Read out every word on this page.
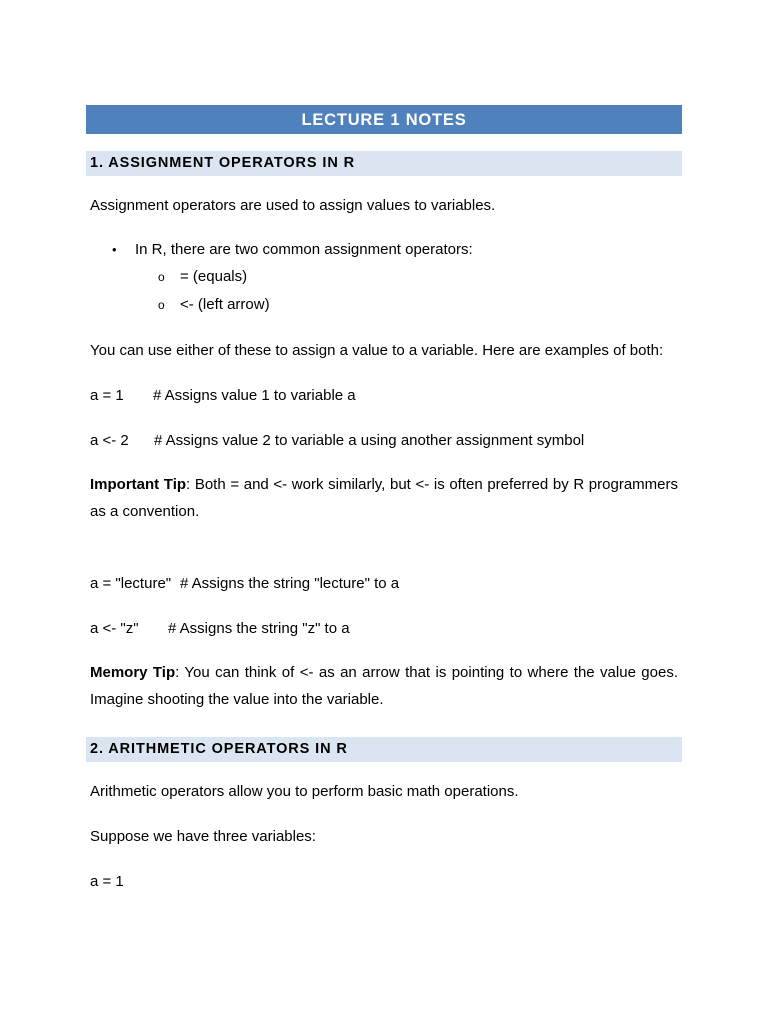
LECTURE 1 NOTES
1. ASSIGNMENT OPERATORS IN R
Assignment operators are used to assign values to variables.
• In R, there are two common assignment operators:
o = (equals)
o <- (left arrow)
You can use either of these to assign a value to a variable. Here are examples of both:
a = 1 # Assigns value 1 to variable a
a <- 2 # Assigns value 2 to variable a using another assignment symbol
Important Tip: Both = and <- work similarly, but <- is often preferred by R programmers as a convention.
a = "lecture" # Assigns the string "lecture" to a
a <- "z" # Assigns the string "z" to a
Memory Tip: You can think of <- as an arrow that is pointing to where the value goes. Imagine shooting the value into the variable.
2. ARITHMETIC OPERATORS IN R
Arithmetic operators allow you to perform basic math operations.
Suppose we have three variables:
a = 1
